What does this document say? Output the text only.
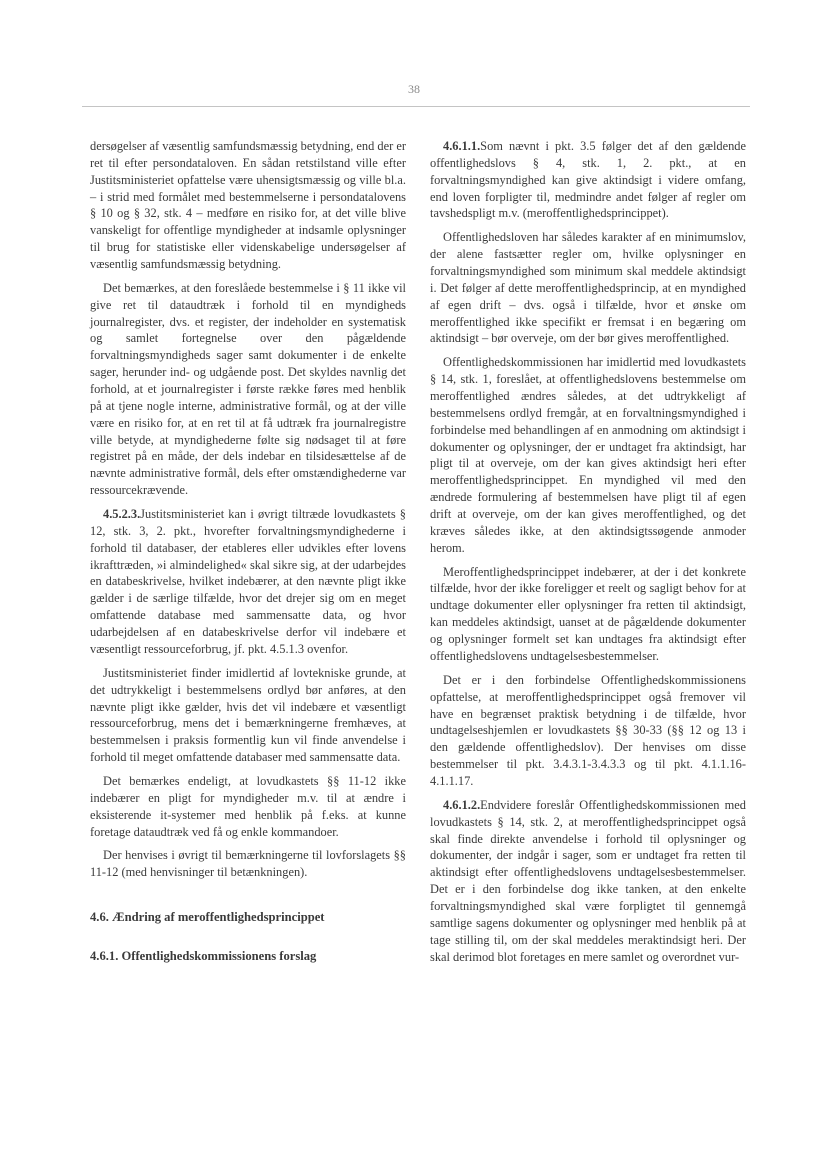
38

dersøgelser af væsentlig samfundsmæssig betydning, end der er ret til efter persondataloven. En sådan retstilstand ville efter Justitsministeriet opfattelse være uhensigtsmæssig og ville bl.a. – i strid med formålet med bestemmelserne i persondatalovens § 10 og § 32, stk. 4 – medføre en risiko for, at det ville blive vanskeligt for offentlige myndigheder at indsamle oplysninger til brug for statistiske eller videnskabelige undersøgelser af væsentlig samfundsmæssig betydning.

Det bemærkes, at den foreslåede bestemmelse i § 11 ikke vil give ret til dataudtræk i forhold til en myndigheds journalregister, dvs. et register, der indeholder en systematisk og samlet fortegnelse over den pågældende forvaltningsmyndigheds sager samt dokumenter i de enkelte sager, herunder ind- og udgående post. Det skyldes navnlig det forhold, at et journalregister i første række føres med henblik på at tjene nogle interne, administrative formål, og at der ville være en risiko for, at en ret til at få udtræk fra journalregistre ville betyde, at myndighederne følte sig nødsaget til at føre registret på en måde, der dels indebar en tilsidesættelse af de nævnte administrative formål, dels efter omstændighederne var ressourcekrævende.

4.5.2.3.Justitsministeriet kan i øvrigt tiltræde lovudkastets § 12, stk. 3, 2. pkt., hvorefter forvaltningsmyndighederne i forhold til databaser, der etableres eller udvikles efter lovens ikrafttræden, »i almindelighed« skal sikre sig, at der udarbejdes en databeskrivelse, hvilket indebærer, at den nævnte pligt ikke gælder i de særlige tilfælde, hvor det drejer sig om en meget omfattende database med sammensatte data, og hvor udarbejdelsen af en databeskrivelse derfor vil indebære et væsentligt ressourceforbrug, jf. pkt. 4.5.1.3 ovenfor.

Justitsministeriet finder imidlertid af lovtekniske grunde, at det udtrykkeligt i bestemmelsens ordlyd bør anføres, at den nævnte pligt ikke gælder, hvis det vil indebære et væsentligt ressourceforbrug, mens det i bemærkningerne fremhæves, at bestemmelsen i praksis formentlig kun vil finde anvendelse i forhold til meget omfattende databaser med sammensatte data.

Det bemærkes endeligt, at lovudkastets §§ 11-12 ikke indebærer en pligt for myndigheder m.v. til at ændre i eksisterende it-systemer med henblik på f.eks. at kunne foretage dataudtræk ved få og enkle kommandoer.

Der henvises i øvrigt til bemærkningerne til lovforslagets §§ 11-12 (med henvisninger til betænkningen).

4.6. Ændring af meroffentlighedsprincippet

4.6.1. Offentlighedskommissionens forslag

4.6.1.1.Som nævnt i pkt. 3.5 følger det af den gældende offentlighedslovs § 4, stk. 1, 2. pkt., at en forvaltningsmyndighed kan give aktindsigt i videre omfang, end loven forpligter til, medmindre andet følger af regler om tavshedspligt m.v. (meroffentlighedsprincippet).

Offentlighedsloven har således karakter af en minimumslov, der alene fastsætter regler om, hvilke oplysninger en forvaltningsmyndighed som minimum skal meddele aktindsigt i. Det følger af dette meroffentlighedsprincip, at en myndighed af egen drift – dvs. også i tilfælde, hvor et ønske om meroffentlighed ikke specifikt er fremsat i en begæring om aktindsigt – bør overveje, om der bør gives meroffentlighed.

Offentlighedskommissionen har imidlertid med lovudkastets § 14, stk. 1, foreslået, at offentlighedslovens bestemmelse om meroffentlighed ændres således, at det udtrykkeligt af bestemmelsens ordlyd fremgår, at en forvaltningsmyndighed i forbindelse med behandlingen af en anmodning om aktindsigt i dokumenter og oplysninger, der er undtaget fra aktindsigt, har pligt til at overveje, om der kan gives aktindsigt heri efter meroffentlighedsprincippet. En myndighed vil med den ændrede formulering af bestemmelsen have pligt til af egen drift at overveje, om der kan gives meroffentlighed, og det kræves således ikke, at den aktindsigtssøgende anmoder herom.

Meroffentlighedsprincippet indebærer, at der i det konkrete tilfælde, hvor der ikke foreligger et reelt og sagligt behov for at undtage dokumenter eller oplysninger fra retten til aktindsigt, kan meddeles aktindsigt, uanset at de pågældende dokumenter og oplysninger formelt set kan undtages fra aktindsigt efter offentlighedslovens undtagelsesbestemmelser.

Det er i den forbindelse Offentlighedskommissionens opfattelse, at meroffentlighedsprincippet også fremover vil have en begrænset praktisk betydning i de tilfælde, hvor undtagelseshjemlen er lovudkastets §§ 30-33 (§§ 12 og 13 i den gældende offentlighedslov). Der henvises om disse bestemmelser til pkt. 3.4.3.1-3.4.3.3 og til pkt. 4.1.1.16-4.1.1.17.

4.6.1.2.Endvidere foreslår Offentlighedskommissionen med lovudkastets § 14, stk. 2, at meroffentlighedsprincippet også skal finde direkte anvendelse i forhold til oplysninger og dokumenter, der indgår i sager, som er undtaget fra retten til aktindsigt efter offentlighedslovens undtagelsesbestemmelser. Det er i den forbindelse dog ikke tanken, at den enkelte forvaltningsmyndighed skal være forpligtet til gennemgå samtlige sagens dokumenter og oplysninger med henblik på at tage stilling til, om der skal meddeles meraktindsigt heri. Der skal derimod blot foretages en mere samlet og overordnet vur-
